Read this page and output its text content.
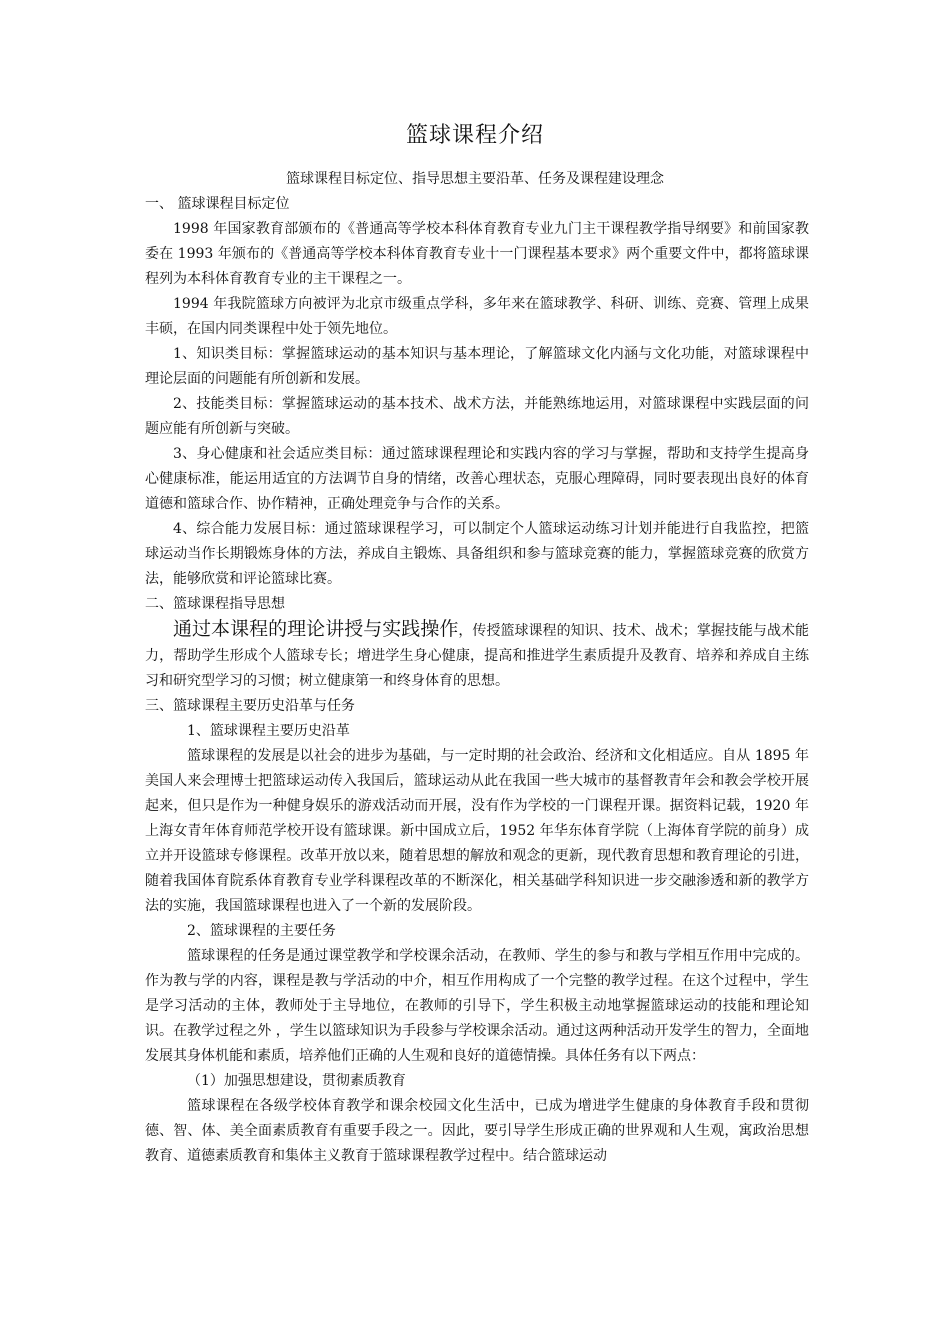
篮球课程介绍

篮球课程目标定位、指导思想主要沿革、任务及课程建设理念

一、 篮球课程目标定位

1998 年国家教育部颁布的《普通高等学校本科体育教育专业九门主干课程教学指导纲要》和前国家教委在 1993 年颁布的《普通高等学校本科体育教育专业十一门课程基本要求》两个重要文件中，都将篮球课程列为本科体育教育专业的主干课程之一。

1994 年我院篮球方向被评为北京市级重点学科，多年来在篮球教学、科研、训练、竞赛、管理上成果丰硕，在国内同类课程中处于领先地位。

1、知识类目标：掌握篮球运动的基本知识与基本理论，了解篮球文化内涵与文化功能，对篮球课程中理论层面的问题能有所创新和发展。

2、技能类目标：掌握篮球运动的基本技术、战术方法，并能熟练地运用，对篮球课程中实践层面的问题应能有所创新与突破。

3、身心健康和社会适应类目标：通过篮球课程理论和实践内容的学习与掌握，帮助和支持学生提高身心健康标准，能运用适宜的方法调节自身的情绪，改善心理状态，克服心理障碍，同时要表现出良好的体育道德和篮球合作、协作精神，正确处理竞争与合作的关系。

4、综合能力发展目标：通过篮球课程学习，可以制定个人篮球运动练习计划并能进行自我监控，把篮球运动当作长期锻炼身体的方法，养成自主锻炼、具备组织和参与篮球竞赛的能力，掌握篮球竞赛的欣赏方法，能够欣赏和评论篮球比赛。

二、篮球课程指导思想

通过本课程的理论讲授与实践操作，传授篮球课程的知识、技术、战术；掌握技能与战术能力，帮助学生形成个人篮球专长；增进学生身心健康，提高和推进学生素质提升及教育、培养和养成自主练习和研究型学习的习惯；树立健康第一和终身体育的思想。

三、篮球课程主要历史沿革与任务

1、篮球课程主要历史沿革

篮球课程的发展是以社会的进步为基础，与一定时期的社会政治、经济和文化相适应。自从 1895 年美国人来会理博士把篮球运动传入我国后，篮球运动从此在我国一些大城市的基督教青年会和教会学校开展起来，但只是作为一种健身娱乐的游戏活动而开展，没有作为学校的一门课程开课。据资料记载，1920 年上海女青年体育师范学校开设有篮球课。新中国成立后，1952 年华东体育学院（上海体育学院的前身）成立并开设篮球专修课程。改革开放以来，随着思想的解放和观念的更新，现代教育思想和教育理论的引进，随着我国体育院系体育教育专业学科课程改革的不断深化，相关基础学科知识进一步交融渗透和新的教学方法的实施，我国篮球课程也进入了一个新的发展阶段。

2、篮球课程的主要任务

篮球课程的任务是通过课堂教学和学校课余活动，在教师、学生的参与和教与学相互作用中完成的。作为教与学的内容，课程是教与学活动的中介，相互作用构成了一个完整的教学过程。在这个过程中，学生是学习活动的主体，教师处于主导地位，在教师的引导下，学生积极主动地掌握篮球运动的技能和理论知识。在教学过程之外 ，学生以篮球知识为手段参与学校课余活动。通过这两种活动开发学生的智力，全面地发展其身体机能和素质，培养他们正确的人生观和良好的道德情操。具体任务有以下两点：

（1）加强思想建设，贯彻素质教育

篮球课程在各级学校体育教学和课余校园文化生活中，已成为增进学生健康的身体教育手段和贯彻德、智、体、美全面素质教育有重要手段之一。因此，要引导学生形成正确的世界观和人生观，寓政治思想教育、道德素质教育和集体主义教育于篮球课程教学过程中。结合篮球运动
